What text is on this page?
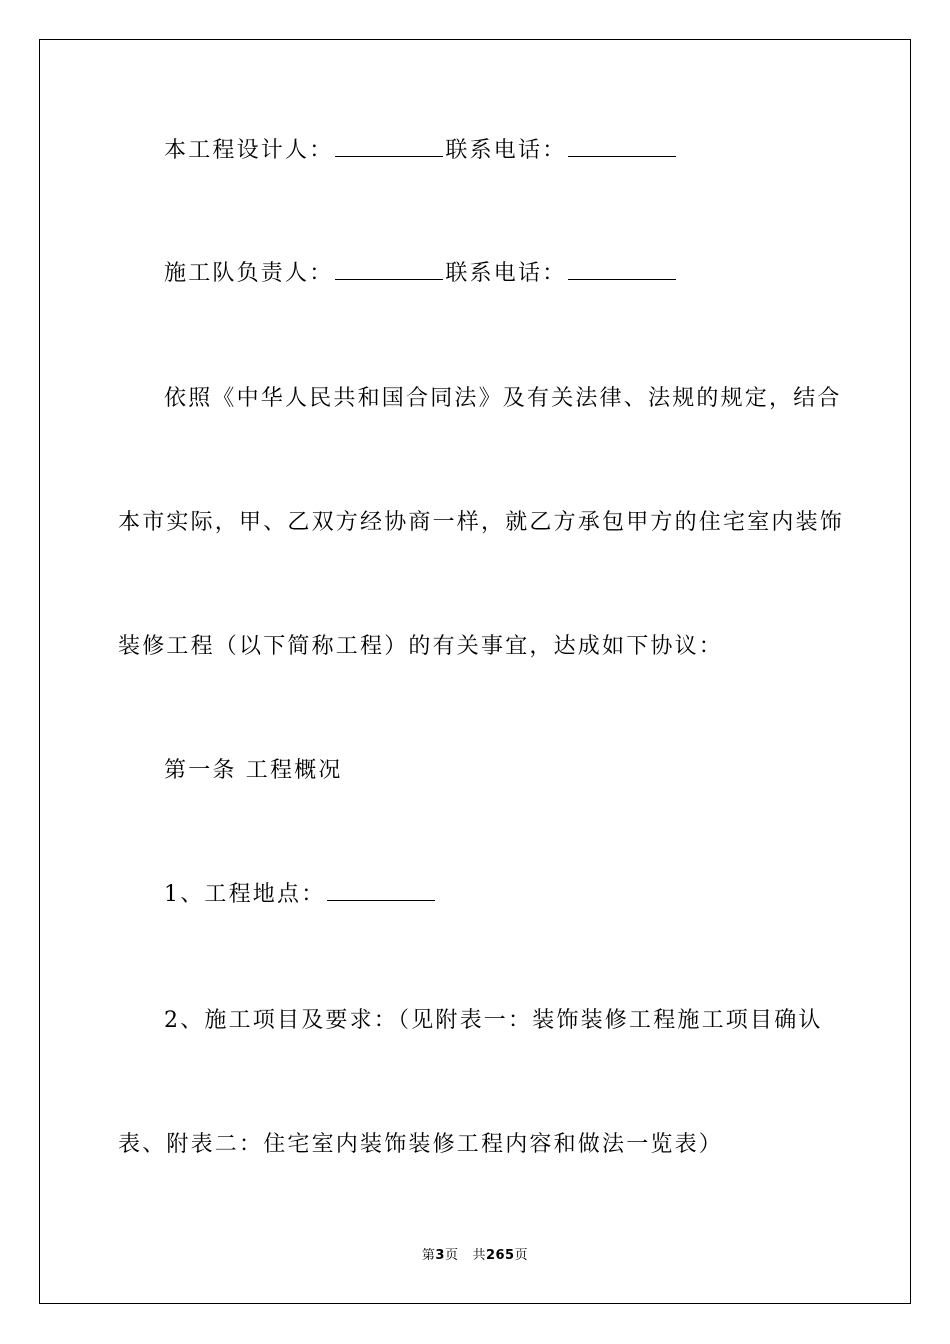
本工程设计人：	联系电话：
施工队负责人：	联系电话：
依照《中华人民共和国合同法》及有关法律、法规的规定，结合
本市实际，甲、乙双方经协商一样，就乙方承包甲方的住宅室内装饰
装修工程（以下简称工程）的有关事宜，达成如下协议：
第一条 工程概况
1、工程地点：
2、施工项目及要求：（见附表一：装饰装修工程施工项目确认
表、附表二：住宅室内装饰装修工程内容和做法一览表）
第3页 共265页
